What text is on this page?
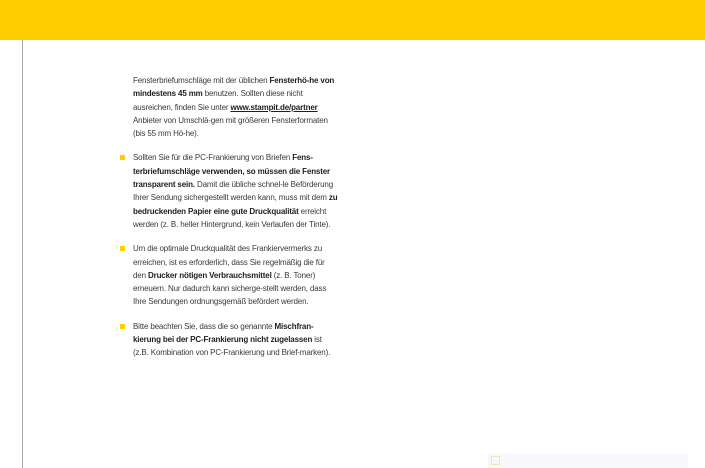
Fensterbriefumschläge mit der üblichen Fensterhö-he von mindestens 45 mm benutzen. Sollten diese nicht ausreichen, finden Sie unter www.stampit.de/partner Anbieter von Umschlä-gen mit größeren Fensterformaten (bis 55 mm Hö-he).

Sollten Sie für die PC-Frankierung von Briefen Fens-terbriefumschläge verwenden, so müssen die Fenster transparent sein. Damit die übliche schnel-le Beförderung Ihrer Sendung sichergestellt werden kann, muss mit dem zu bedruckenden Papier eine gute Druckqualität erreicht werden (z. B. heller Hintergrund, kein Verlaufen der Tinte).
Um die optimale Druckqualität des Frankiervermerks zu erreichen, ist es erforderlich, dass Sie regelmäßig die für den Drucker nötigen Verbrauchsmittel (z. B. Toner) erneuern. Nur dadurch kann sicherge-stellt werden, dass Ihre Sendungen ordnungsgemäß befördert werden.
Bitte beachten Sie, dass die so genannte Mischfran-kierung bei der PC-Frankierung nicht zugelassen ist (z.B. Kombination von PC-Frankierung und Brief-marken).
